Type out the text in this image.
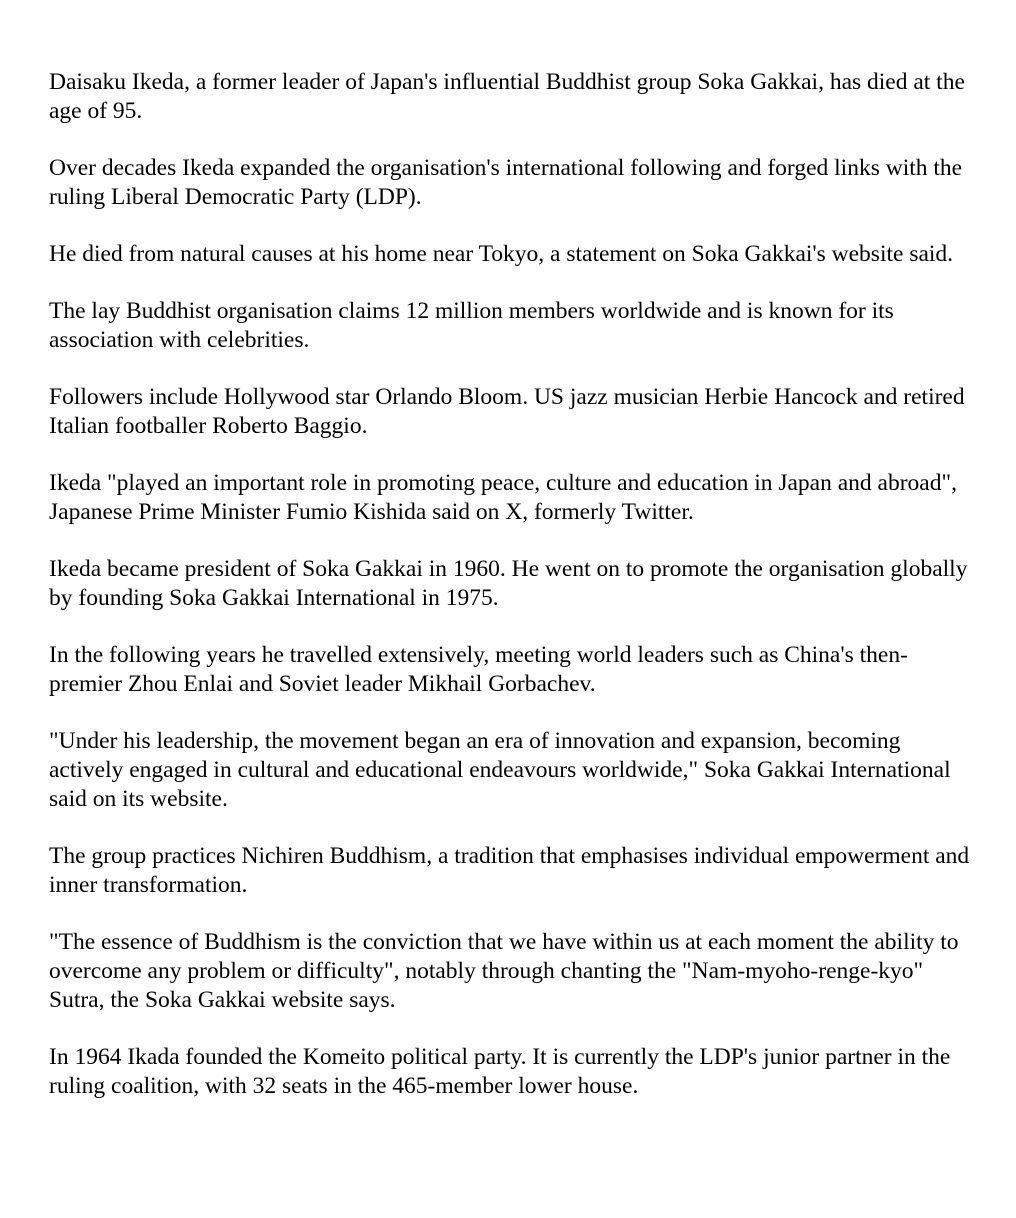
Daisaku Ikeda, a former leader of Japan's influential Buddhist group Soka Gakkai, has died at the age of 95.

Over decades Ikeda expanded the organisation's international following and forged links with the ruling Liberal Democratic Party (LDP).

He died from natural causes at his home near Tokyo, a statement on Soka Gakkai's website said.

The lay Buddhist organisation claims 12 million members worldwide and is known for its association with celebrities.

Followers include Hollywood star Orlando Bloom. US jazz musician Herbie Hancock and retired Italian footballer Roberto Baggio.

Ikeda "played an important role in promoting peace, culture and education in Japan and abroad", Japanese Prime Minister Fumio Kishida said on X, formerly Twitter.

Ikeda became president of Soka Gakkai in 1960. He went on to promote the organisation globally by founding Soka Gakkai International in 1975.

In the following years he travelled extensively, meeting world leaders such as China's then-premier Zhou Enlai and Soviet leader Mikhail Gorbachev.

"Under his leadership, the movement began an era of innovation and expansion, becoming actively engaged in cultural and educational endeavours worldwide," Soka Gakkai International said on its website.

The group practices Nichiren Buddhism, a tradition that emphasises individual empowerment and inner transformation.

"The essence of Buddhism is the conviction that we have within us at each moment the ability to overcome any problem or difficulty", notably through chanting the "Nam-myoho-renge-kyo" Sutra, the Soka Gakkai website says.

In 1964 Ikada founded the Komeito political party. It is currently the LDP's junior partner in the ruling coalition, with 32 seats in the 465-member lower house.
